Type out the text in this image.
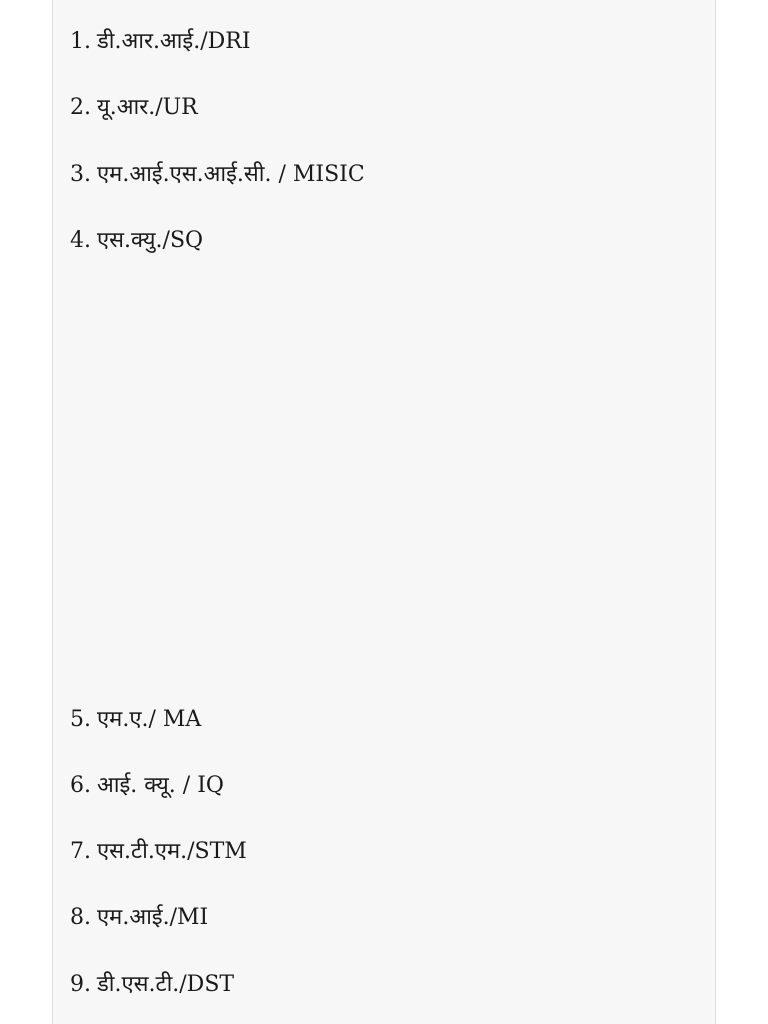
1. डी.आर.आई./DRI

2. यू.आर./UR

3. एम.आई.एस.आई.सी. / MISIC

4. एस.क्यु./SQ

5. एम.ए./ MA

6. आई. क्यू. / IQ

7. एस.टी.एम./STM

8. एम.आई./MI

9. डी.एस.टी./DST
